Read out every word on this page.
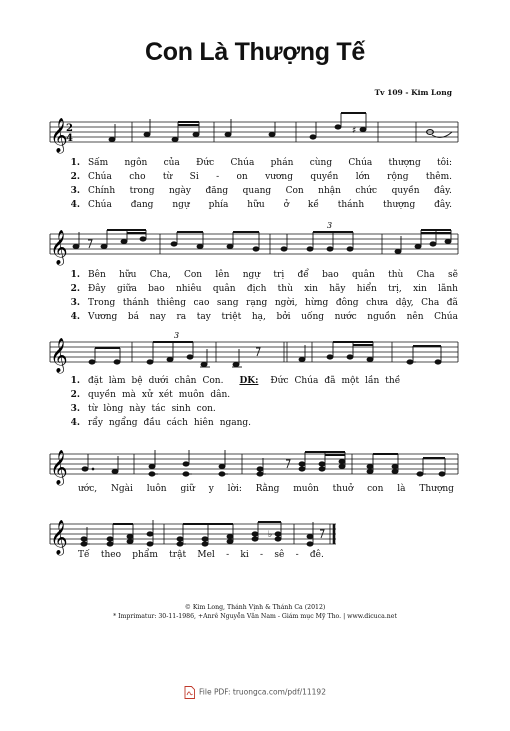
Con Là Thượng Tế
Tv 109 - Kim Long
𝄞
2
4
♯
1. Sấm ngôn của Đức Chúa phán cùng Chúa thượng tôi:
2. Chúa cho từ Si - on vương quyền lớn rộng thêm.
3. Chính trong ngày đăng quang Con nhận chức quyền đây.
4. Chúa đang ngự phía hữu ở kề thánh thượng đây.
𝄞
3
1. Bên hữu Cha, Con lên ngự trị để bao quân thù Cha sẽ
2. Đây giữa bao nhiêu quân địch thù xin hãy hiển trị, xin lãnh
3. Trong thánh thiêng cao sang rạng ngời, hừng đông chưa dậy, Cha đã
4. Vương bá nay ra tay triệt hạ, bởi uống nước nguồn nên Chúa
𝄞
3
1. đặt làm bệ dưới chân Con. DK: Đức Chúa đã một lần thề
2. quyền mà xử xét muôn dân.
3. từ lòng này tác sinh con.
4. rẩy ngẩng đầu cách hiên ngang.
𝄞
ước, Ngài luôn giữ y lời: Rằng muôn thuở con là Thượng
𝄞	♭
Tế theo phẩm trật Mel - ki - sê - đê.
© Kim Long, Thánh Vịnh & Thánh Ca (2012)
* Imprimatur: 30-11-1986, +Anrê Nguyễn Văn Nam - Giám mục Mỹ Tho. | www.dicuca.net
File PDF: truongca.com/pdf/11192
